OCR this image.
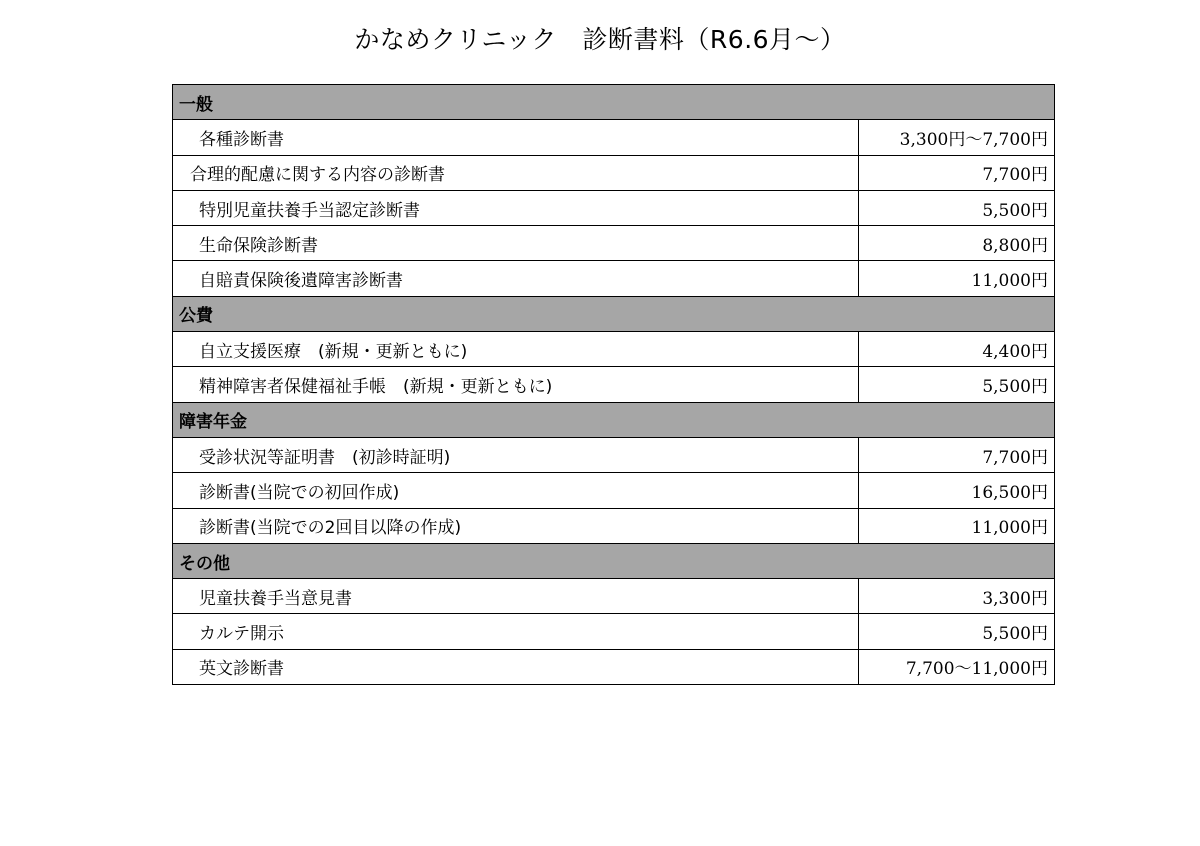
かなめクリニック　診断書料（R6.6月～）
一般	
各種診断書	3,300円～7,700円
合理的配慮に関する内容の診断書	7,700円
特別児童扶養手当認定診断書	5,500円
生命保険診断書	8,800円
自賠責保険後遺障害診断書	11,000円
公費	
自立支援医療　(新規・更新ともに)	4,400円
精神障害者保健福祉手帳　(新規・更新ともに)	5,500円
障害年金	
受診状況等証明書　(初診時証明)	7,700円
診断書(当院での初回作成)	16,500円
診断書(当院での2回目以降の作成)	11,000円
その他	
児童扶養手当意見書	3,300円
カルテ開示	5,500円
英文診断書	7,700～11,000円
